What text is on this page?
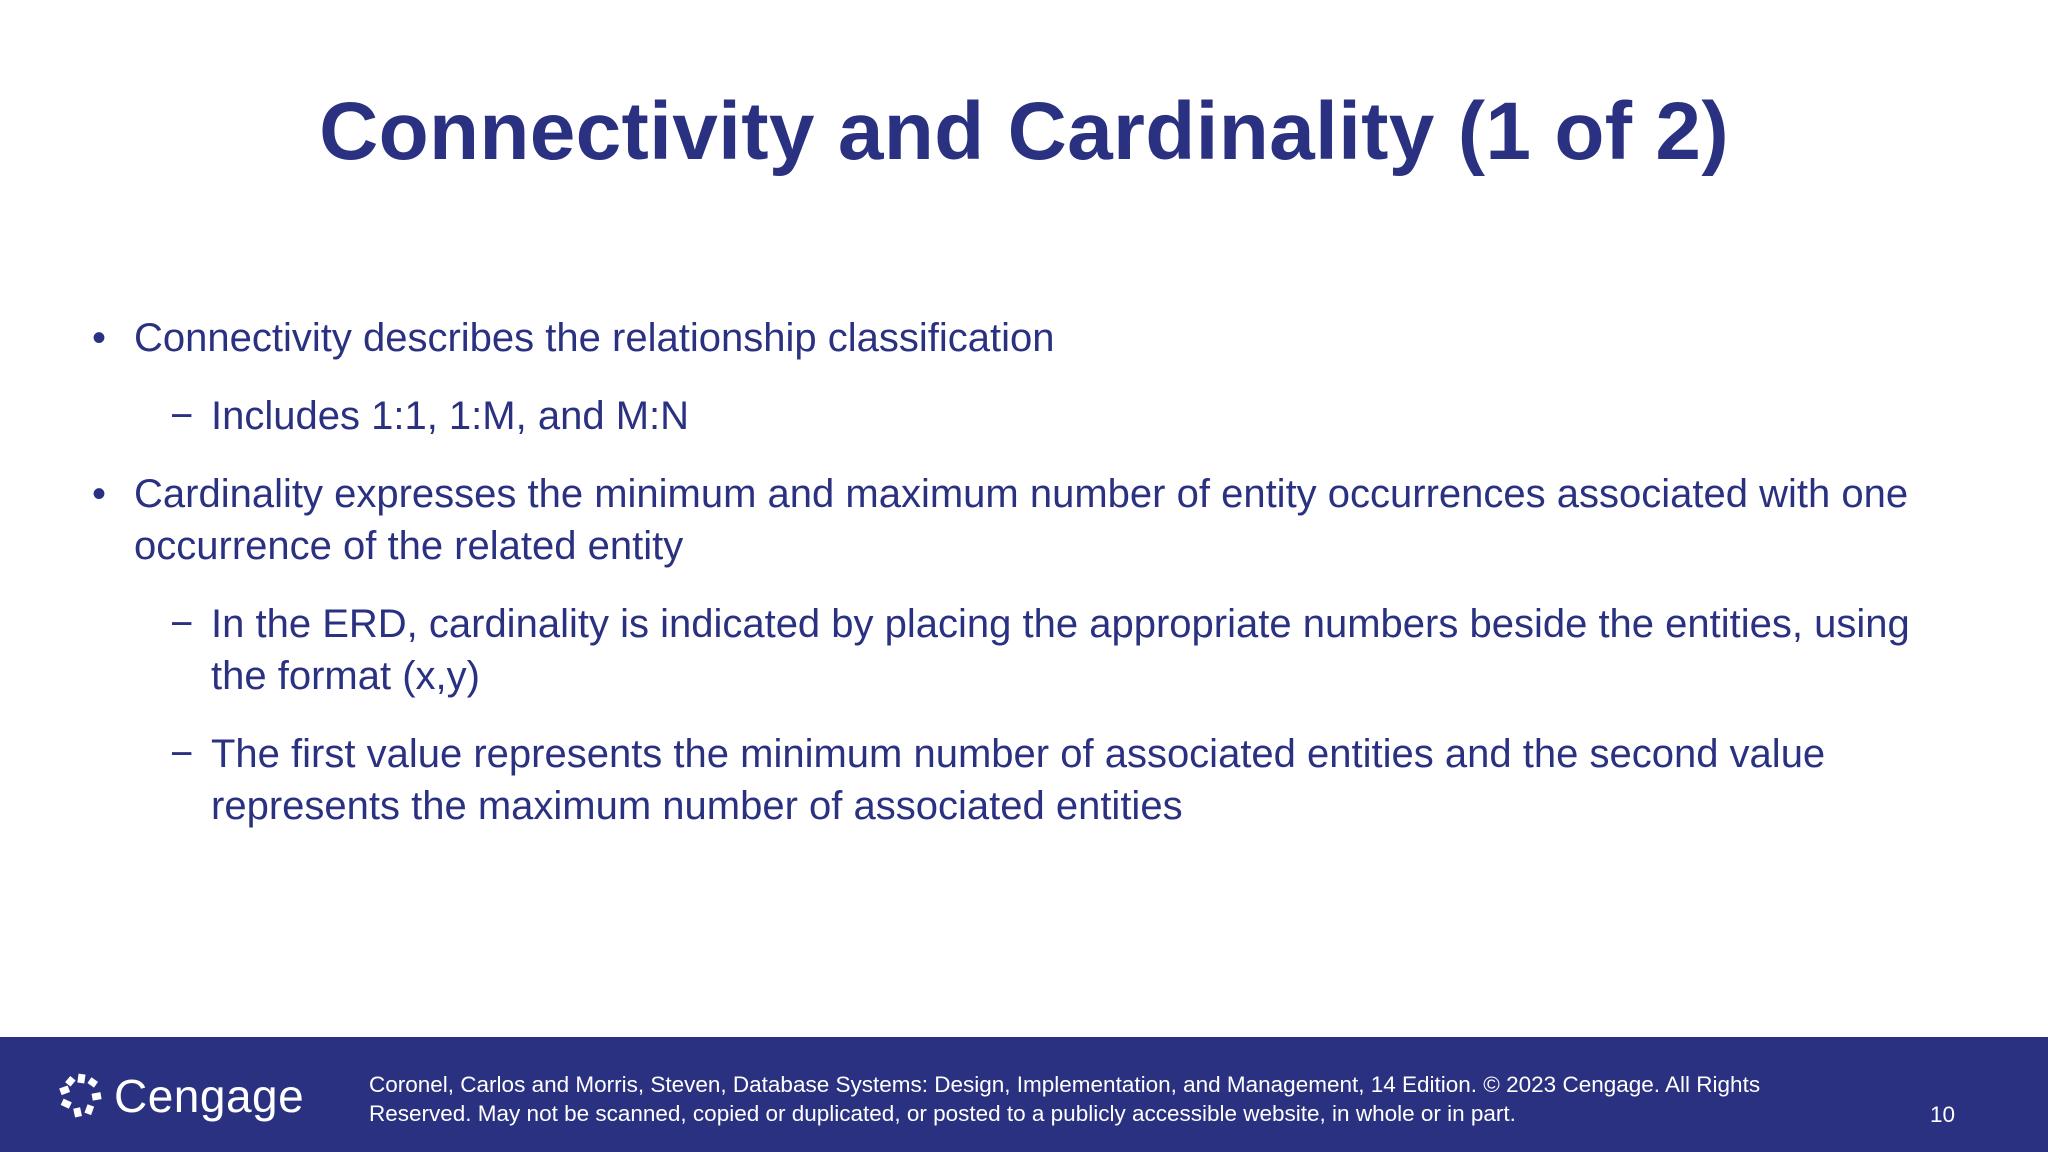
Connectivity and Cardinality (1 of 2)
• Connectivity describes the relationship classification
− Includes 1:1, 1:M, and M:N
• Cardinality expresses the minimum and maximum number of entity occurrences associated with one occurrence of the related entity
− In the ERD, cardinality is indicated by placing the appropriate numbers beside the entities, using the format (x,y)
− The first value represents the minimum number of associated entities and the second value represents the maximum number of associated entities
Cengage	Coronel, Carlos and Morris, Steven, Database Systems: Design, Implementation, and Management, 14 Edition. © 2023 Cengage. All Rights
Reserved. May not be scanned, copied or duplicated, or posted to a publicly accessible website, in whole or in part.	10
